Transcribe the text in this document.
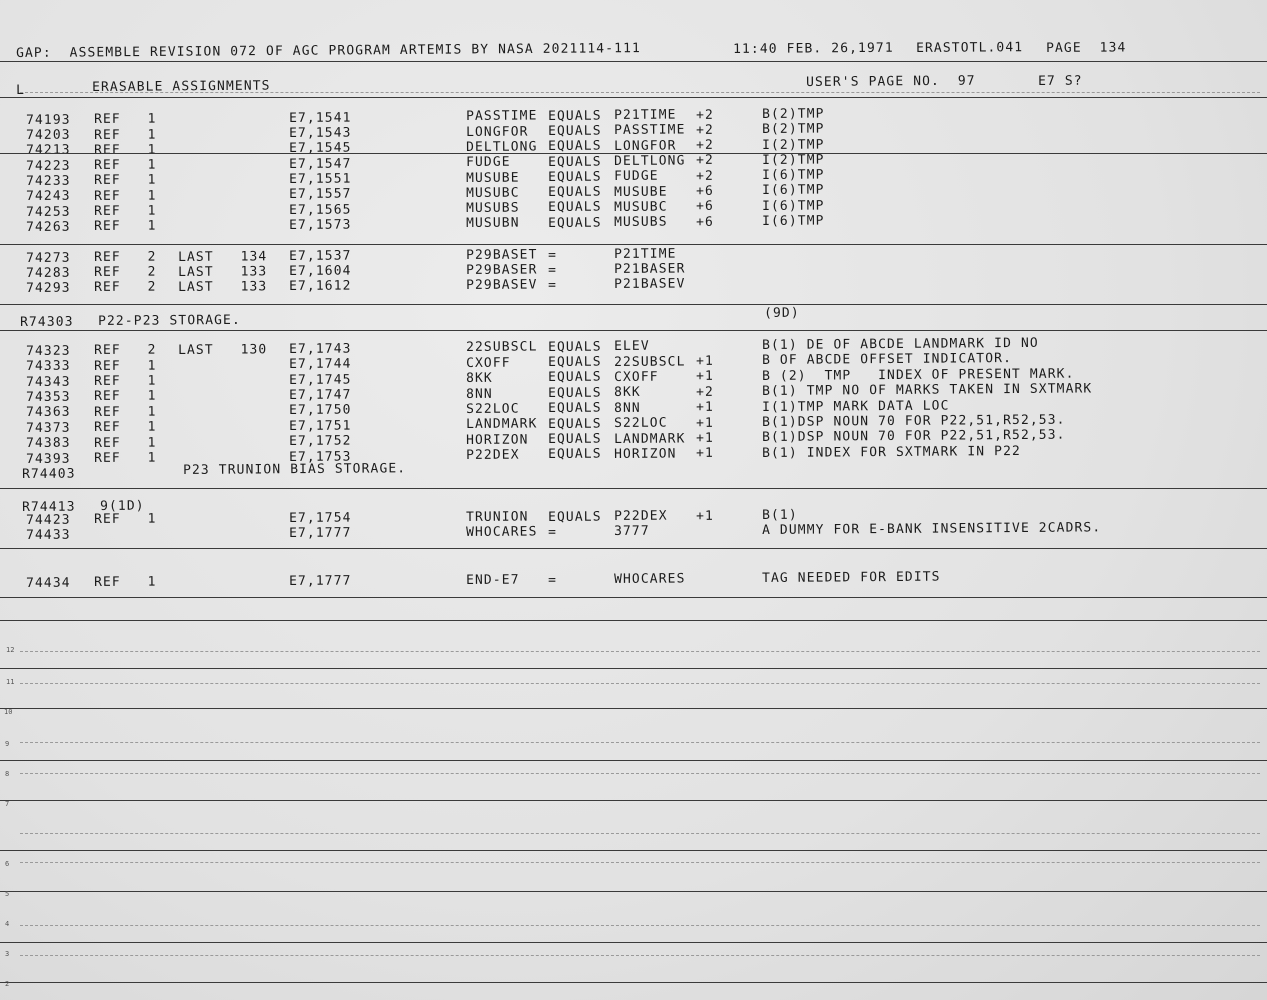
GAP:  ASSEMBLE REVISION 072 OF AGC PROGRAM ARTEMIS BY NASA 2021114-111	11:40 FEB. 26,1971 ERASTOTL.041 PAGE  134
L	ERASABLE ASSIGNMENTS	USER'S PAGE NO.  97	E7 S?
74193 REF   1	E7,1541	PASSTIME EQUALS P21TIME +2	B(2)TMP
74203 REF   1	E7,1543	LONGFOR EQUALS PASSTIME +2	B(2)TMP
74213 REF   1	E7,1545	DELTLONG EQUALS LONGFOR +2	I(2)TMP
74223 REF   1	E7,1547	FUDGE	EQUALS DELTLONG +2	I(2)TMP
74233 REF   1	E7,1551	MUSUBE EQUALS FUDGE	+2	I(6)TMP
74243 REF   1	E7,1557	MUSUBC EQUALS MUSUBE +6	I(6)TMP
74253 REF   1	E7,1565	MUSUBS EQUALS MUSUBC +6	I(6)TMP
74263 REF   1	E7,1573	MUSUBN EQUALS MUSUBS +6	I(6)TMP
74273 REF   2 LAST   134 E7,1537	P29BASET =	P21TIME
74283 REF   2 LAST   133 E7,1604	P29BASER =	P21BASER
74293 REF   2 LAST   133 E7,1612	P29BASEV =	P21BASEV
R74303 P22-P23 STORAGE.	(9D)
74323 REF   2 LAST   130 E7,1743	22SUBSCL EQUALS ELEV	B(1) DE OF ABCDE LANDMARK ID NO
74333 REF   1	E7,1744	CXOFF	EQUALS 22SUBSCL +1	B OF ABCDE OFFSET INDICATOR.
74343 REF   1	E7,1745	8KK	EQUALS CXOFF	+1	B (2)  TMP   INDEX OF PRESENT MARK.
74353 REF   1	E7,1747	8NN	EQUALS 8KK	+2	B(1) TMP NO OF MARKS TAKEN IN SXTMARK
74363 REF   1	E7,1750	S22LOC EQUALS 8NN	+1	I(1)TMP MARK DATA LOC
74373 REF   1	E7,1751	LANDMARK EQUALS S22LOC +1	B(1)DSP NOUN 70 FOR P22,51,R52,53.
74383 REF   1	E7,1752	HORIZON EQUALS LANDMARK +1	B(1)DSP NOUN 70 FOR P22,51,R52,53.
74393 REF   1	E7,1753	P22DEX EQUALS HORIZON +1	B(1) INDEX FOR SXTMARK IN P22
R74403	P23 TRUNION BIAS STORAGE.
R74413 9(1D)
74423 REF   1	E7,1754	TRUNION EQUALS P22DEX +1	B(1)
74433	E7,1777	WHOCARES =	3777	A DUMMY FOR E-BANK INSENSITIVE 2CADRS.
74434 REF   1	E7,1777	END-E7 =	WHOCARES	TAG NEEDED FOR EDITS
12
11
10
9
8
7
6
5
4
3
2
